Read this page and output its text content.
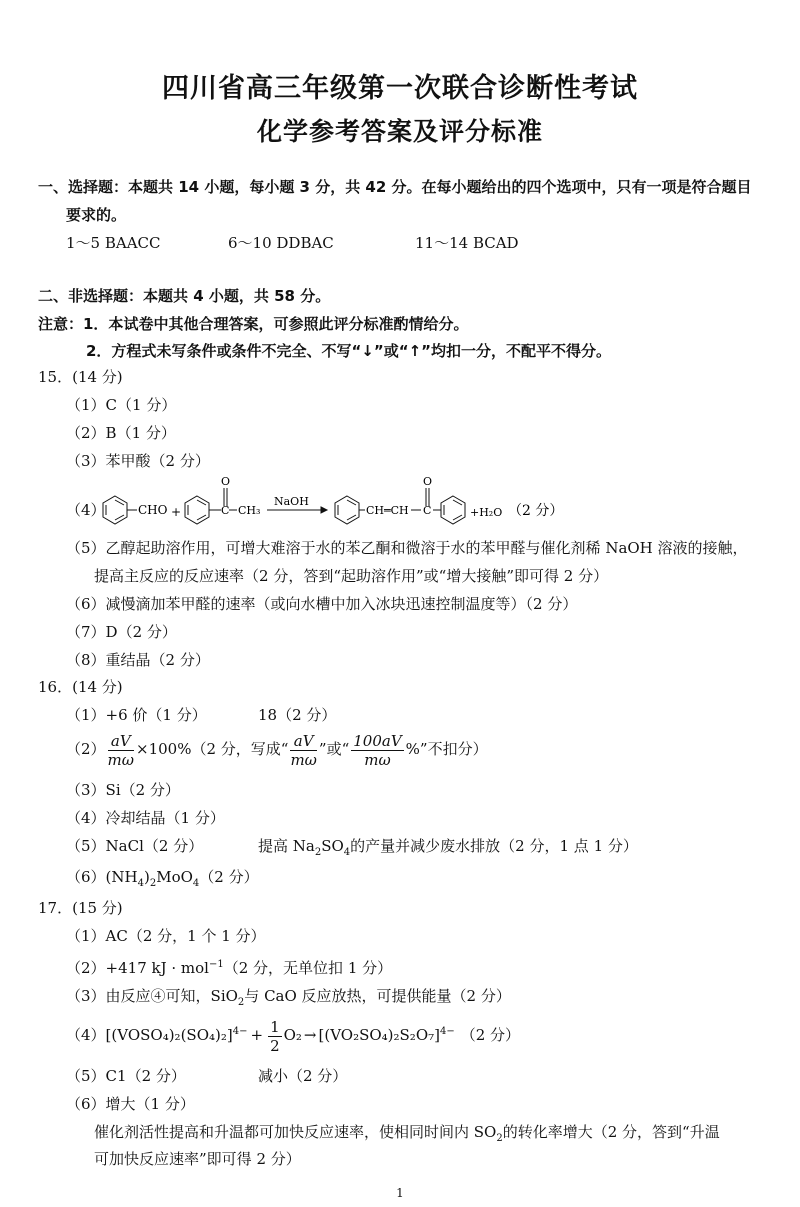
四川省高三年级第一次联合诊断性考试
化学参考答案及评分标准
一、选择题：本题共 14 小题，每小题 3 分，共 42 分。在每小题给出的四个选项中，只有一项是符合题目
要求的。
1～5 BAACC	6～10 DDBAC	11～14 BCAD
二、非选择题：本题共 4 小题，共 58 分。
注意：1．本试卷中其他合理答案，可参照此评分标准酌情给分。
2．方程式未写条件或条件不完全、不写“↓”或“↑”均扣一分，不配平不得分。
15．(14 分)
（1）C（1 分）
（2）B（1 分）
（3）苯甲酸（2 分）
（4）	CHO +
O
C CH₃
NaOH
CH═CH
O
C	+H₂O （2 分）
（5）乙醇起助溶作用，可增大难溶于水的苯乙酮和微溶于水的苯甲醛与催化剂稀 NaOH 溶液的接触，
提高主反应的反应速率（2 分，答到“起助溶作用”或“增大接触”即可得 2 分）
（6）减慢滴加苯甲醛的速率（或向水槽中加入冰块迅速控制温度等）（2 分）
（7）D（2 分）
（8）重结晶（2 分）
16．(14 分)
（1）+6 价（1 分）	18（2 分）
$(2) \frac{aV}{m\omega} \times 100\%(2$ 分，写成“ $\frac{aV}{m\omega}$ ”或“ $\frac{100aV}{m\omega}$ %”不扣分）
（3）Si（2 分）
（4）冷却结晶（1 分）
（5）NaCl（2 分）	提高 $Na_2SO_4$的产量并减少废水排放（2 分，1 点 1 分）
$(6)(NH_4)_2MoO_4(2$ 分）
17．(15 分)
（1）AC（2 分，1 个 1 分）
（2）+417 kJ · mol$^{-1}$（2 分，无单位扣 1 分）
（3）由反应④可知，SiO$_2$与 CaO 反应放热，可提供能量（2 分）
（4）[(VOSO₄)₂(SO₄)₂]$^{4-}$ + $\frac{1}{2} O_2 \to [(VO_2SO_4)_2S_2O_7]^{4-}$ （2 分）
（5）C1（2 分）	减小（2 分）
（6）增大（1 分）
催化剂活性提高和升温都可加快反应速率，使相同时间内 $SO_2$的转化率增大（2 分，答到“升温
可加快反应速率”即可得 2 分）
1
